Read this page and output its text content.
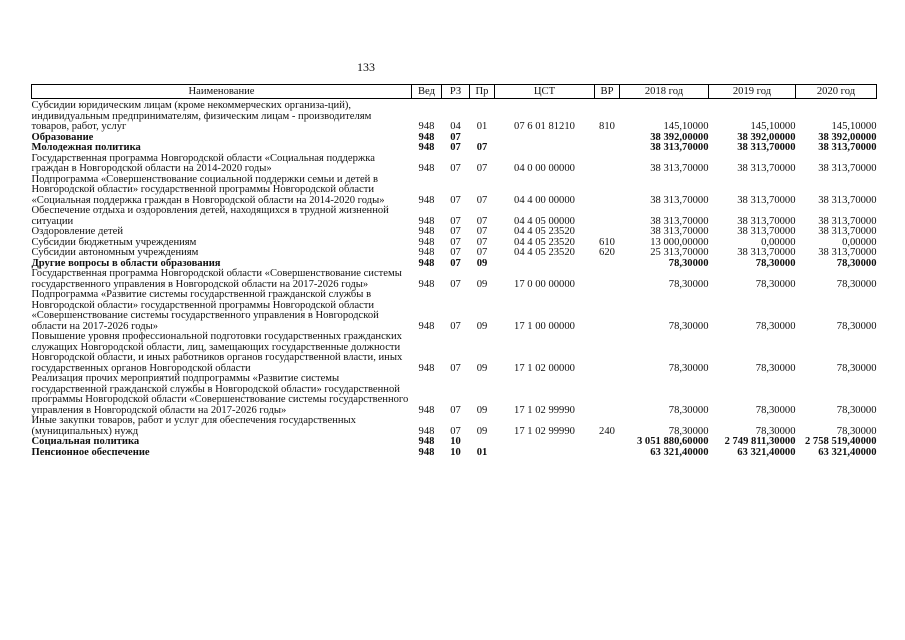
133
Наименование	Вед	РЗ	Пр	ЦСТ	ВР	2018 год	2019 год	2020 год
Субсидии юридическим лицам (кроме некоммерческих организа-ций), индивидуальным предпринимателям, физическим лицам - производителям товаров, работ, услуг	948	04	01	07 6 01 81210	810	145,10000	145,10000	145,10000
Образование	948	07				38 392,00000	38 392,00000	38 392,00000
Молодежная политика	948	07	07			38 313,70000	38 313,70000	38 313,70000
Государственная программа Новгородской области «Социальная поддержка граждан в Новгородской области на 2014-2020 годы»	948	07	07	04 0 00 00000		38 313,70000	38 313,70000	38 313,70000
Подпрограмма «Совершенствование социальной поддержки семьи и детей в Новгородской области» государственной программы Новгородской области «Социальная поддержка граждан в Новгородской области на 2014-2020 годы»	948	07	07	04 4 00 00000		38 313,70000	38 313,70000	38 313,70000
Обеспечение отдыха и оздоровления детей, находящихся в трудной жизненной ситуации	948	07	07	04 4 05 00000		38 313,70000	38 313,70000	38 313,70000
Оздоровление детей	948	07	07	04 4 05 23520		38 313,70000	38 313,70000	38 313,70000
Субсидии бюджетным учреждениям	948	07	07	04 4 05 23520	610	13 000,00000	0,00000	0,00000
Субсидии автономным учреждениям	948	07	07	04 4 05 23520	620	25 313,70000	38 313,70000	38 313,70000
Другие вопросы в области образования	948	07	09			78,30000	78,30000	78,30000
Государственная программа Новгородской области «Совершенствование системы государственного управления в Новгородской области на 2017-2026 годы»	948	07	09	17 0 00 00000		78,30000	78,30000	78,30000
Подпрограмма «Развитие системы государственной гражданской службы в Новгородской области» государственной программы Новгородской области «Совершенствование системы государственного управления в Новгородской области на 2017-2026 годы»	948	07	09	17 1 00 00000		78,30000	78,30000	78,30000
Повышение уровня профессиональной подготовки государственных гражданских служащих Новгородской области, лиц, замещающих государственные должности Новгородской области, и иных работников органов государственной власти, иных государственных органов Новгородской области	948	07	09	17 1 02 00000		78,30000	78,30000	78,30000
Реализация прочих мероприятий подпрограммы «Развитие системы государственной гражданской службы в Новгородской области» государственной программы Новгородской области «Совершенствование системы государственного управления в Новгородской области на 2017-2026 годы»	948	07	09	17 1 02 99990		78,30000	78,30000	78,30000
Иные закупки товаров, работ и услуг для обеспечения государственных (муниципальных) нужд	948	07	09	17 1 02 99990	240	78,30000	78,30000	78,30000
Социальная политика	948	10				3 051 880,60000	2 749 811,30000	2 758 519,40000
Пенсионное обеспечение	948	10	01			63 321,40000	63 321,40000	63 321,40000
